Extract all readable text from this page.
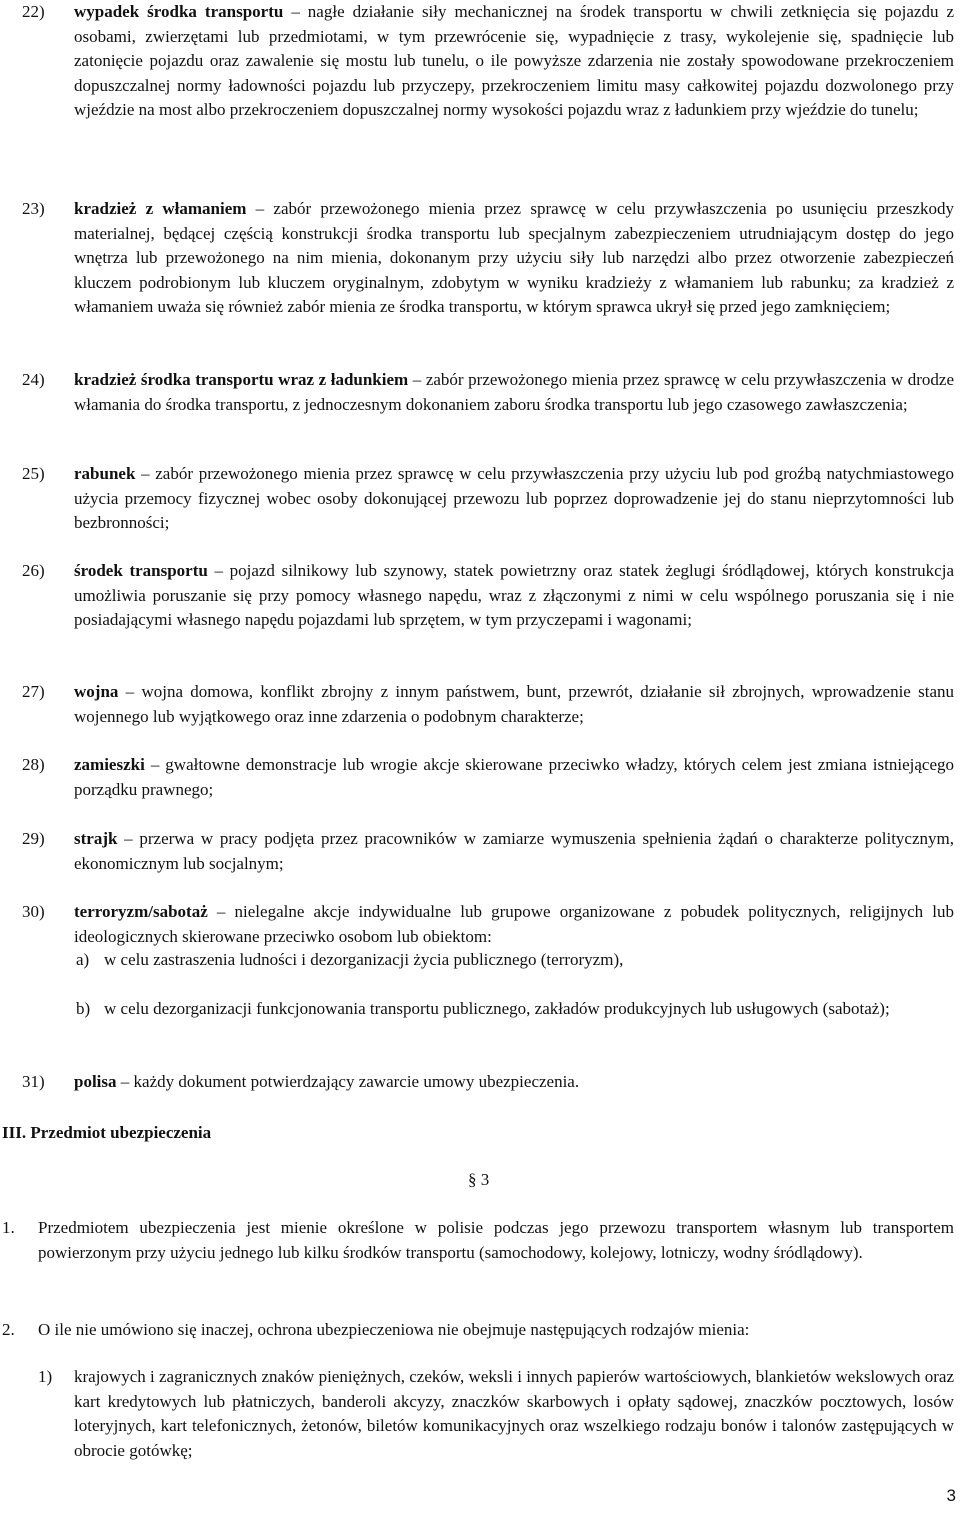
22)	wypadek środka transportu – nagłe działanie siły mechanicznej na środek transportu w chwili zetknięcia się pojazdu z osobami, zwierzętami lub przedmiotami, w tym przewrócenie się, wypadnięcie z trasy, wykolejenie się, spadnięcie lub zatonięcie pojazdu oraz zawalenie się mostu lub tunelu, o ile powyższe zdarzenia nie zostały spowodowane przekroczeniem dopuszczalnej normy ładowności pojazdu lub przyczepy, przekroczeniem limitu masy całkowitej pojazdu dozwolonego przy wjeździe na most albo przekroczeniem dopuszczalnej normy wysokości pojazdu wraz z ładunkiem przy wjeździe do tunelu;

23)	kradzież z włamaniem – zabór przewożonego mienia przez sprawcę w celu przywłaszczenia po usunięciu przeszkody materialnej, będącej częścią konstrukcji środka transportu lub specjalnym zabezpieczeniem utrudniającym dostęp do jego wnętrza lub przewożonego na nim mienia, dokonanym przy użyciu siły lub narzędzi albo przez otworzenie zabezpieczeń kluczem podrobionym lub kluczem oryginalnym, zdobytym w wyniku kradzieży z włamaniem lub rabunku; za kradzież z włamaniem uważa się również zabór mienia ze środka transportu, w którym sprawca ukrył się przed jego zamknięciem;

24)	kradzież środka transportu wraz z ładunkiem – zabór przewożonego mienia przez sprawcę w celu przywłaszczenia w drodze włamania do środka transportu, z jednoczesnym dokonaniem zaboru środka transportu lub jego czasowego zawłaszczenia;

25)	rabunek – zabór przewożonego mienia przez sprawcę w celu przywłaszczenia przy użyciu lub pod groźbą natychmiastowego użycia przemocy fizycznej wobec osoby dokonującej przewozu lub poprzez doprowadzenie jej do stanu nieprzytomności lub bezbronności;

26)	środek transportu – pojazd silnikowy lub szynowy, statek powietrzny oraz statek żeglugi śródlądowej, których konstrukcja umożliwia poruszanie się przy pomocy własnego napędu, wraz z złączonymi z nimi w celu wspólnego poruszania się i nie posiadającymi własnego napędu pojazdami lub sprzętem, w tym przyczepami i wagonami;

27)	wojna – wojna domowa, konflikt zbrojny z innym państwem, bunt, przewrót, działanie sił zbrojnych, wprowadzenie stanu wojennego lub wyjątkowego oraz inne zdarzenia o podobnym charakterze;

28)	zamieszki – gwałtowne demonstracje lub wrogie akcje skierowane przeciwko władzy, których celem jest zmiana istniejącego porządku prawnego;

29)	strajk – przerwa w pracy podjęta przez pracowników w zamiarze wymuszenia spełnienia żądań o charakterze politycznym, ekonomicznym lub socjalnym;

30)	terroryzm/sabotaż – nielegalne akcje indywidualne lub grupowe organizowane z pobudek politycznych, religijnych lub ideologicznych skierowane przeciwko osobom lub obiektom:

a) w celu zastraszenia ludności i dezorganizacji życia publicznego (terroryzm),

b) w celu dezorganizacji funkcjonowania transportu publicznego, zakładów produkcyjnych lub usługowych (sabotaż);

31)	polisa – każdy dokument potwierdzający zawarcie umowy ubezpieczenia.

III. Przedmiot ubezpieczenia

§ 3

1. Przedmiotem ubezpieczenia jest mienie określone w polisie podczas jego przewozu transportem własnym lub transportem powierzonym przy użyciu jednego lub kilku środków transportu (samochodowy, kolejowy, lotniczy, wodny śródlądowy).

2. O ile nie umówiono się inaczej, ochrona ubezpieczeniowa nie obejmuje następujących rodzajów mienia:

1) krajowych i zagranicznych znaków pieniężnych, czeków, weksli i innych papierów wartościowych, blankietów wekslowych oraz kart kredytowych lub płatniczych, banderoli akcyzy, znaczków skarbowych i opłaty sądowej, znaczków pocztowych, losów loteryjnych, kart telefonicznych, żetonów, biletów komunikacyjnych oraz wszelkiego rodzaju bonów i talonów zastępujących w obrocie gotówkę;

3
